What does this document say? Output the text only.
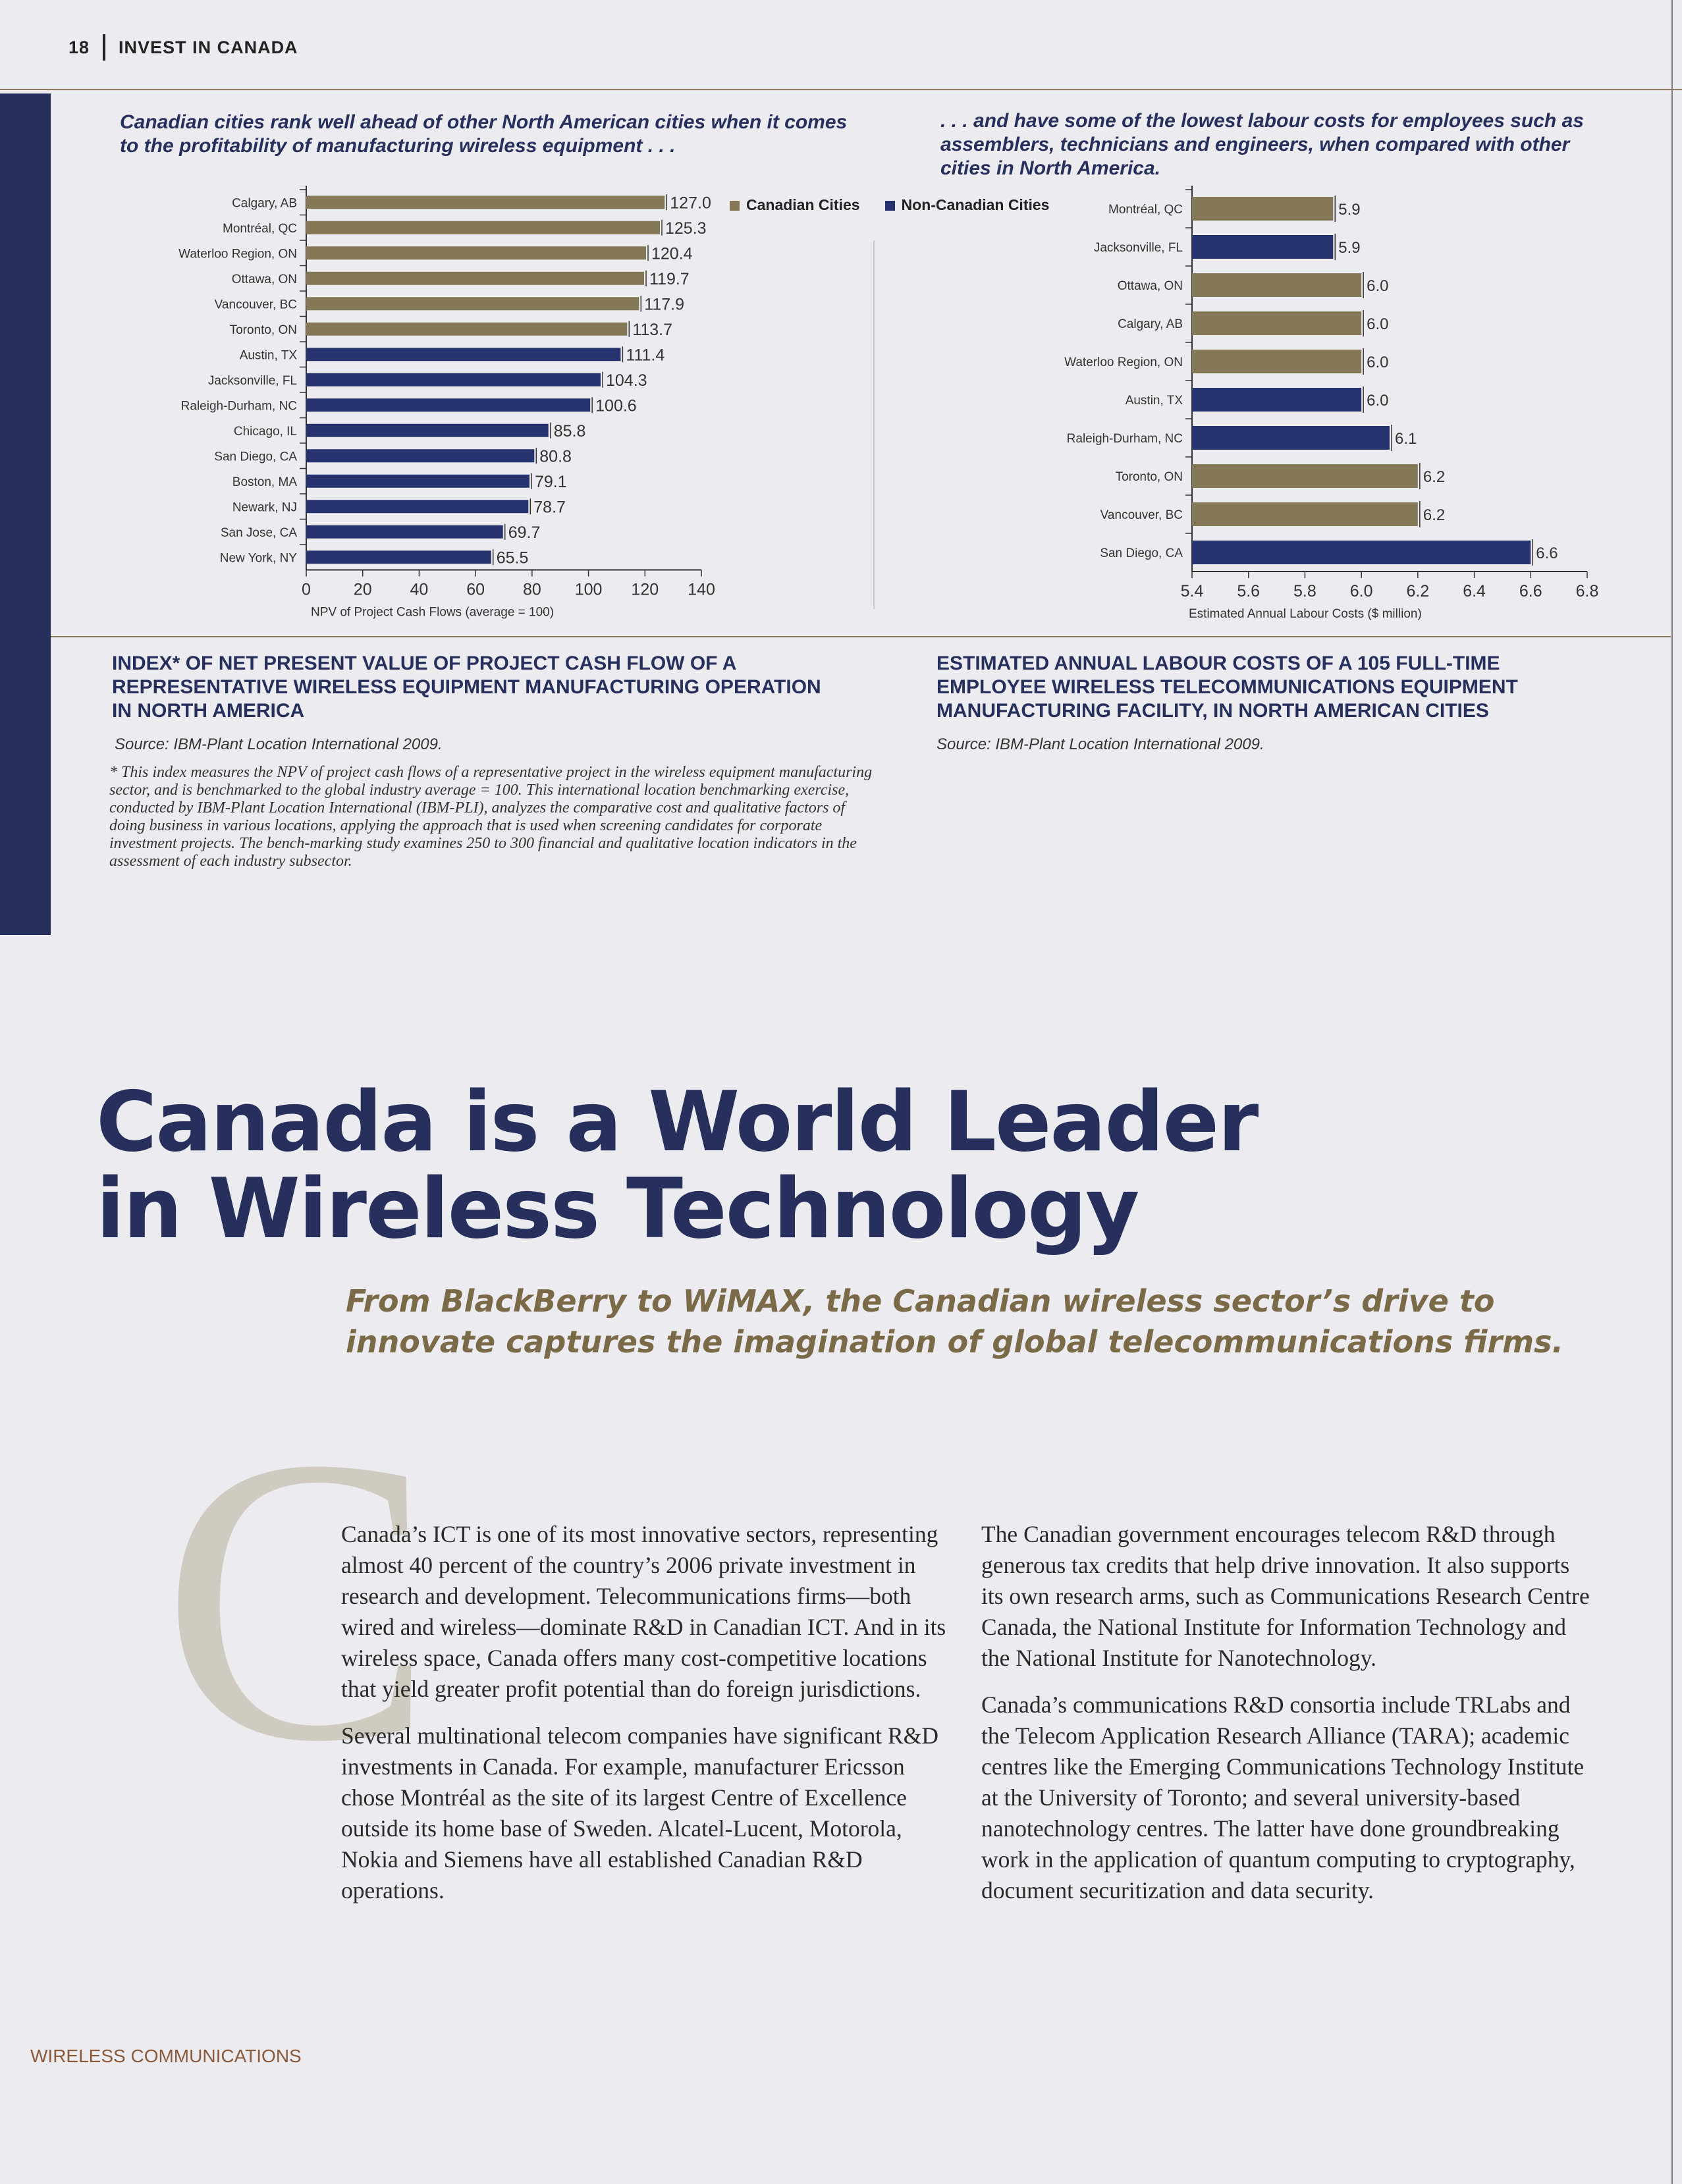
18 INVEST IN CANADA
Canadian cities rank well ahead of other North American cities when it comes to the profitability of manufacturing wireless equipment . . .
. . . and have some of the lowest labour costs for employees such as assemblers, technicians and engineers, when compared with other cities in North America.
Canadian Cities	Non-Canadian Cities
Calgary, AB	127.0
Montréal, QC	125.3
Waterloo Region, ON	120.4
Ottawa, ON	119.7
Vancouver, BC	117.9
Toronto, ON	113.7
Austin, TX	111.4
Jacksonville, FL	104.3
Raleigh-Durham, NC	100.6
Chicago, IL	85.8
San Diego, CA	80.8
Boston, MA	79.1
Newark, NJ	78.7
San Jose, CA	69.7
New York, NY	65.5
0	20 40 60 80 100 120 140
NPV of Project Cash Flows (average = 100)
Montréal, QC	5.9
Jacksonville, FL	5.9
Ottawa, ON	6.0
Calgary, AB	6.0
Waterloo Region, ON	6.0
Austin, TX	6.0
Raleigh-Durham, NC	6.1
Toronto, ON	6.2
Vancouver, BC	6.2
San Diego, CA	6.6
5.4 5.6 5.8 6.0 6.2 6.4 6.6 6.8
Estimated Annual Labour Costs ($ million)
INDEX* OF NET PRESENT VALUE OF PROJECT CASH FLOW OF A REPRESENTATIVE WIRELESS EQUIPMENT MANUFACTURING OPERATION IN NORTH AMERICA
Source: IBM-Plant Location International 2009.
ESTIMATED ANNUAL LABOUR COSTS OF A 105 FULL-TIME EMPLOYEE WIRELESS TELECOMMUNICATIONS EQUIPMENT MANUFACTURING FACILITY, IN NORTH AMERICAN CITIES
Source: IBM-Plant Location International 2009.
* This index measures the NPV of project cash flows of a representative project in the wireless equipment manufacturing sector, and is benchmarked to the global industry average = 100. This international location benchmarking exercise, conducted by IBM-Plant Location International (IBM-PLI), analyzes the comparative cost and qualitative factors of doing business in various locations, applying the approach that is used when screening candidates for corporate investment projects. The bench-marking study examines 250 to 300 financial and qualitative location indicators in the assessment of each industry subsector.
Canada is a World Leader in Wireless Technology
From BlackBerry to WiMAX, the Canadian wireless sector’s drive to innovate captures the imagination of global telecommunications firms.
C

Canada’s ICT is one of its most innovative sectors, representing almost 40 percent of the country’s 2006 private investment in research and development. Telecommunications firms—both wired and wireless—dominate R&D in Canadian ICT. And in its wireless space, Canada offers many cost-competitive locations that yield greater profit potential than do foreign jurisdictions.

Several multinational telecom companies have significant R&D investments in Canada. For example, manufacturer Ericsson chose Montréal as the site of its largest Centre of Excellence outside its home base of Sweden. Alcatel-Lucent, Motorola, Nokia and Siemens have all established Canadian R&D operations.

The Canadian government encourages telecom R&D through generous tax credits that help drive innovation. It also supports its own research arms, such as Communications Research Centre Canada, the National Institute for Information Technology and the National Institute for Nanotechnology.

Canada’s communications R&D consortia include TRLabs and the Telecom Application Research Alliance (TARA); academic centres like the Emerging Communications Technology Institute at the University of Toronto; and several university-based nanotechnology centres. The latter have done groundbreaking work in the application of quantum computing to cryptography, document securitization and data security.

WIRELESS COMMUNICATIONS
